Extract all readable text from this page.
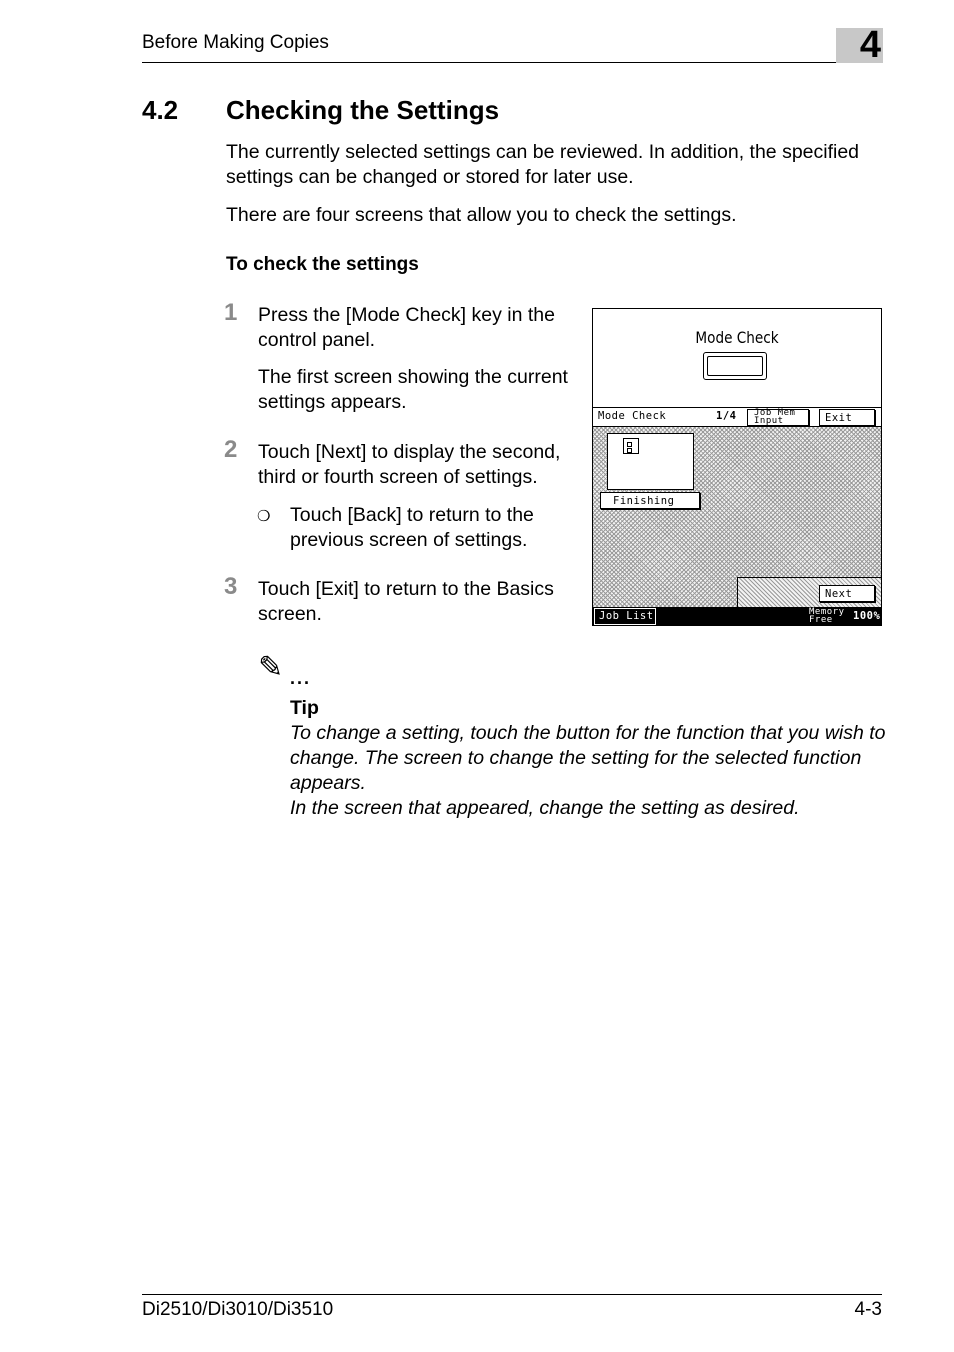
Before Making Copies	4
4.2 Checking the Settings
The currently selected settings can be reviewed. In addition, the specified settings can be changed or stored for later use.
There are four screens that allow you to check the settings.
To check the settings
1 Press the [Mode Check] key in the control panel.
The first screen showing the current settings appears.
2 Touch [Next] to display the second, third or fourth screen of settings.
❍ Touch [Back] to return to the previous screen of settings.
3 Touch [Exit] to return to the Basics screen.
Mode Check
Mode Check	1/4 Job Mem
Input	Exit
Finishing
Next
Job List	Memory
Free 100%
✎ ...
Tip
To change a setting, touch the button for the function that you wish to change. The screen to change the setting for the selected function appears.
In the screen that appeared, change the setting as desired.
Di2510/Di3010/Di3510	4-3
